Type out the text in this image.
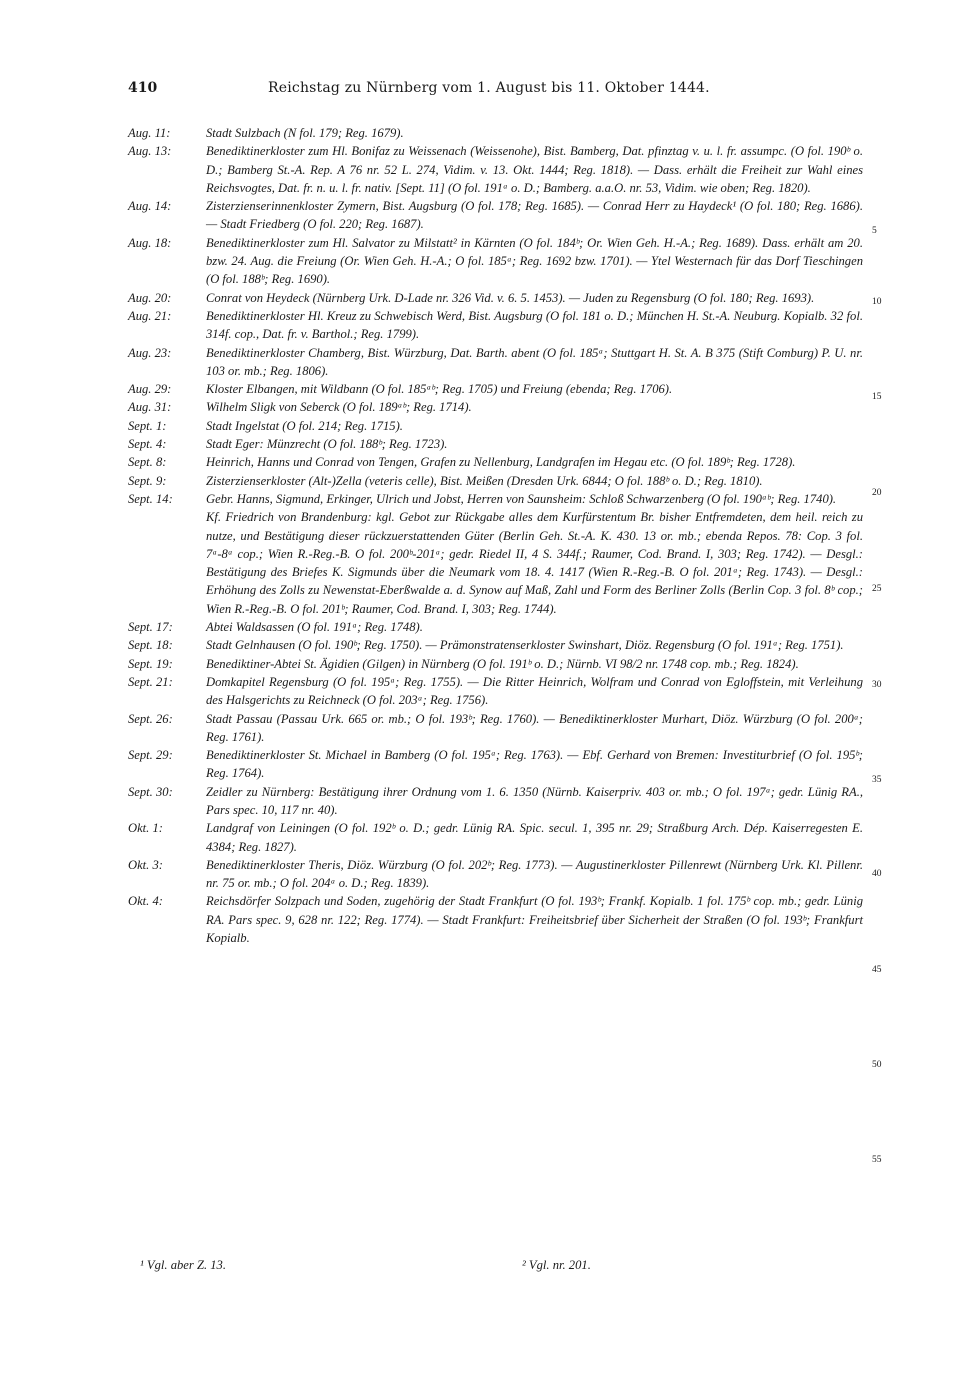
410	Reichstag zu Nürnberg vom 1. August bis 11. Oktober 1444.
Aug. 11:	Stadt Sulzbach (N fol. 179; Reg. 1679).
Aug. 13:	Benediktinerkloster zum Hl. Bonifaz zu Weissenach (Weissenohe), Bist. Bamberg, Dat. pfinztag v. u. l. fr. assumpc. (O fol. 190ᵇ o. D.; Bamberg St.-A. Rep. A 76 nr. 52 L. 274, Vidim. v. 13. Okt. 1444; Reg. 1818). — Dass. erhält die Freiheit zur Wahl eines Reichsvogtes, Dat. fr. n. u. l. fr. nativ. [Sept. 11] (O fol. 191ᵃ o. D.; Bamberg. a.a.O. nr. 53, Vidim. wie oben; Reg. 1820).
Aug. 14:	Zisterzienserinnenkloster Zymern, Bist. Augsburg (O fol. 178; Reg. 1685). — Conrad Herr zu Haydeck¹ (O fol. 180; Reg. 1686). — Stadt Friedberg (O fol. 220; Reg. 1687).
Aug. 18:	Benediktinerkloster zum Hl. Salvator zu Milstatt² in Kärnten (O fol. 184ᵇ; Or. Wien Geh. H.-A.; Reg. 1689). Dass. erhält am 20. bzw. 24. Aug. die Freiung (Or. Wien Geh. H.-A.; O fol. 185ᵃ; Reg. 1692 bzw. 1701). — Ytel Westernach für das Dorf Tieschingen (O fol. 188ᵇ; Reg. 1690).
Aug. 20:	Conrat von Heydeck (Nürnberg Urk. D-Lade nr. 326 Vid. v. 6. 5. 1453). — Juden zu Regensburg (O fol. 180; Reg. 1693).
Aug. 21:	Benediktinerkloster Hl. Kreuz zu Schwebisch Werd, Bist. Augsburg (O fol. 181 o. D.; München H. St.-A. Neuburg. Kopialb. 32 fol. 314f. cop., Dat. fr. v. Barthol.; Reg. 1799).
Aug. 23:	Benediktinerkloster Chamberg, Bist. Würzburg, Dat. Barth. abent (O fol. 185ᵃ; Stuttgart H. St. A. B 375 (Stift Comburg) P. U. nr. 103 or. mb.; Reg. 1806).
Aug. 29:	Kloster Elbangen, mit Wildbann (O fol. 185ᵃᵇ; Reg. 1705) und Freiung (ebenda; Reg. 1706).
Aug. 31:	Wilhelm Sligk von Seberck (O fol. 189ᵃᵇ; Reg. 1714).
Sept. 1:	Stadt Ingelstat (O fol. 214; Reg. 1715).
Sept. 4:	Stadt Eger: Münzrecht (O fol. 188ᵇ; Reg. 1723).
Sept. 8:	Heinrich, Hanns und Conrad von Tengen, Grafen zu Nellenburg, Landgrafen im Hegau etc. (O fol. 189ᵇ; Reg. 1728).
Sept. 9:	Zisterzienserkloster (Alt-)Zella (veteris celle), Bist. Meißen (Dresden Urk. 6844; O fol. 188ᵇ o. D.; Reg. 1810).
Sept. 14:	Gebr. Hanns, Sigmund, Erkinger, Ulrich und Jobst, Herren von Saunsheim: Schloß Schwarzenberg (O fol. 190ᵃᵇ; Reg. 1740).
Kf. Friedrich von Brandenburg: kgl. Gebot zur Rückgabe alles dem Kurfürstentum Br. bisher Entfremdeten, dem heil. reich zu nutze, und Bestätigung dieser rückzuerstattenden Güter (Berlin Geh. St.-A. K. 430. 13 or. mb.; ebenda Repos. 78: Cop. 3 fol. 7ᵃ-8ᵃ cop.; Wien R.-Reg.-B. O fol. 200ᵇ-201ᵃ; gedr. Riedel II, 4 S. 344f.; Raumer, Cod. Brand. I, 303; Reg. 1742). — Desgl.: Bestätigung des Briefes K. Sigmunds über die Neumark vom 18. 4. 1417 (Wien R.-Reg.-B. O fol. 201ᵃ; Reg. 1743). — Desgl.: Erhöhung des Zolls zu Newenstat-Eberßwalde a. d. Synow auf Maß, Zahl und Form des Berliner Zolls (Berlin Cop. 3 fol. 8ᵇ cop.; Wien R.-Reg.-B. O fol. 201ᵇ; Raumer, Cod. Brand. I, 303; Reg. 1744).
Sept. 17:	Abtei Waldsassen (O fol. 191ᵃ; Reg. 1748).
Sept. 18:	Stadt Gelnhausen (O fol. 190ᵇ; Reg. 1750). — Prämonstratenserkloster Swinshart, Diöz. Regensburg (O fol. 191ᵃ; Reg. 1751).
Sept. 19:	Benediktiner-Abtei St. Ägidien (Gilgen) in Nürnberg (O fol. 191ᵇ o. D.; Nürnb. VI 98/2 nr. 1748 cop. mb.; Reg. 1824).
Sept. 21:	Domkapitel Regensburg (O fol. 195ᵃ; Reg. 1755). — Die Ritter Heinrich, Wolfram und Conrad von Egloffstein, mit Verleihung des Halsgerichts zu Reichneck (O fol. 203ᵃ; Reg. 1756).
Sept. 26:	Stadt Passau (Passau Urk. 665 or. mb.; O fol. 193ᵇ; Reg. 1760). — Benediktinerkloster Murhart, Diöz. Würzburg (O fol. 200ᵃ; Reg. 1761).
Sept. 29:	Benediktinerkloster St. Michael in Bamberg (O fol. 195ᵃ; Reg. 1763). — Ebf. Gerhard von Bremen: Investiturbrief (O fol. 195ᵇ; Reg. 1764).
Sept. 30:	Zeidler zu Nürnberg: Bestätigung ihrer Ordnung vom 1. 6. 1350 (Nürnb. Kaiserpriv. 403 or. mb.; O fol. 197ᵃ; gedr. Lünig RA., Pars spec. 10, 117 nr. 40).
Okt. 1:	Landgraf von Leiningen (O fol. 192ᵇ o. D.; gedr. Lünig RA. Spic. secul. 1, 395 nr. 29; Straßburg Arch. Dép. Kaiserregesten E. 4384; Reg. 1827).
Okt. 3:	Benediktinerkloster Theris, Diöz. Würzburg (O fol. 202ᵇ; Reg. 1773). — Augustinerkloster Pillenrewt (Nürnberg Urk. Kl. Pillenr. nr. 75 or. mb.; O fol. 204ᵃ o. D.; Reg. 1839).
Okt. 4:	Reichsdörfer Solzpach und Soden, zugehörig der Stadt Frankfurt (O fol. 193ᵇ; Frankf. Kopialb. 1 fol. 175ᵇ cop. mb.; gedr. Lünig RA. Pars spec. 9, 628 nr. 122; Reg. 1774). — Stadt Frankfurt: Freiheitsbrief über Sicherheit der Straßen (O fol. 193ᵇ; Frankfurt Kopialb.
5
10
15
20
25
30
35
40
45
50
55
¹ Vgl. aber Z. 13.	² Vgl. nr. 201.
